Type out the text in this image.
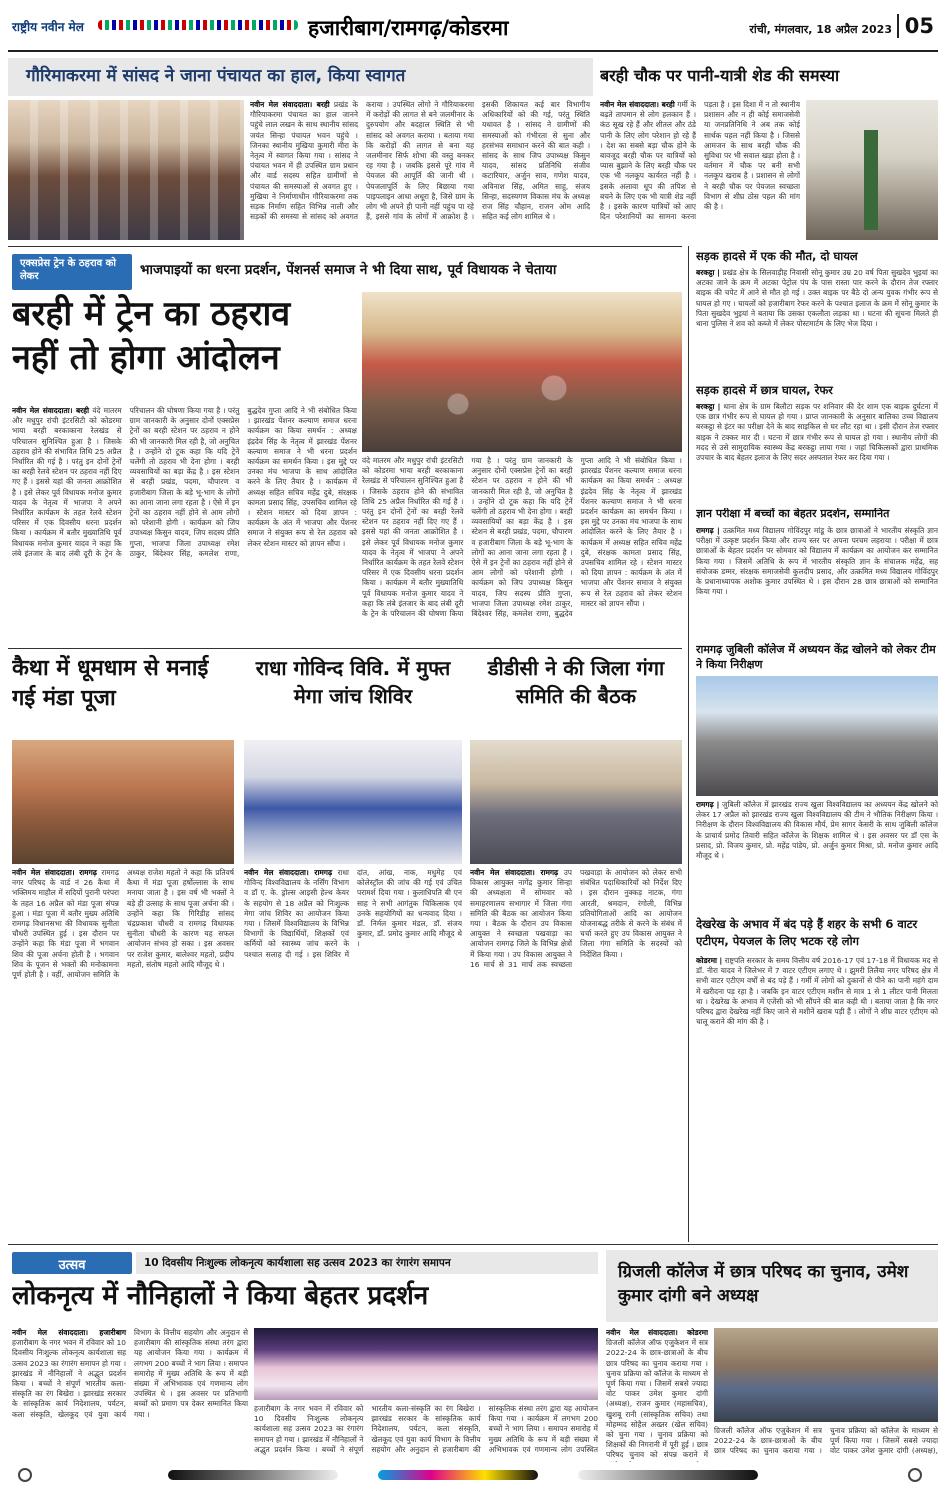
राष्ट्रीय नवीन मेल	हजारीबाग/रामगढ़/कोडरमा	रांची, मंगलवार, 18 अप्रैल 2023 05
गौरिमाकरमा में सांसद ने जाना पंचायत का हाल, किया स्वागत
नवीन मेल संवाददाता। बरही प्रखंड के गौरियाकरमा पंचायत का हाल जानने पहुंचे लाल लखन के साथ स्थानीय सांसद जयंत सिन्हा पंचायत भवन पहुंचे । जिनका स्थानीय मुखिया कुमारी मीरा के नेतृत्व में स्वागत किया गया । सांसद ने पंचायत भवन में ही उपस्थित ग्राम प्रधान और वार्ड सदस्य सहित ग्रामीणों से पंचायत की समस्याओं से अवगत हुए । मुखिया ने निर्माणाधीन गौरियाकरमा तक सड़क निर्माण सहित विभिन्न नाली और सड़कों की समस्या से सांसद को अवगत कराया । उपस्थित लोगो ने गौरियाकरमा में करोड़ों की लागत से बने जलमीनार के दुरुपयोग और बदहाल स्थिति से भी सांसद को अवगत कराया । बताया गया कि करोड़ों की लागत से बना यह जलमीनार सिर्फ शोभा की वस्तु बनकर रह गया है । जबकि इससे पूरे गांव में पेयजल की आपूर्ति की जानी थी । पेयजलापूर्ति के लिए बिछाया गया पाइपलाइन आधा अधूरा है, जिसे ग्राम के लोग भी अपने ही पानी नहीं पहुंच पा रहे हैं, इससे गांव के लोगों में आक्रोश है । इसकी शिकायत कई बार विभागीय अधिकारियों को की गई, परंतु स्थिति यथावत है । सांसद ने ग्रामीणों की समस्याओं को गंभीरता से सुना और हरसंभव समाधान करने की बात कही । सांसद के साथ जिप उपाध्यक्ष किसुन यादव, सांसद प्रतिनिधि संजीव कटारियार, अर्जुन साव, गणेश यादव, अविनाश सिंह, अमित साहु, संजय सिन्हा, सदस्यगण विकास मंच के अध्यक्ष राज सिंह चौहान, राजन ओम आदि सहित कई लोग शामिल थे ।
बरही चौक पर पानी-यात्री शेड की समस्या
नवीन मेल संवाददाता। बरही गर्मी के बढ़ते तापमान से लोग हलकान हैं । कंठ सूख रहे हैं और शीतल और ठंडे पानी के लिए लोग परेशान हो रहे हैं । देश का सबसे बड़ा चौक होने के बावजूद बरही चौक पर यात्रियों को प्यास बुझाने के लिए बरही चौक पर एक भी नलकूप कार्यरत नहीं है । इसके अलावा धूप की तपिश से बचने के लिए एक भी यात्री शेड नहीं है । इसके कारण यात्रियों को आए दिन परेशानियों का सामना करना पड़ता है । इस दिशा में न तो स्थानीय प्रशासन और न ही कोई समाजसेवी या जनप्रतिनिधि ने अब तक कोई सार्थक पहल नहीं किया है । जिससे आमजन के साथ बरही चौक की सुविधा पर भी सवाल खड़ा होता है । वर्तमान में चौक पर बनी सभी नलकूप खराब है । प्रशासन से लोगों ने बरही चौक पर पेयजल स्वच्छता विभाग से शीघ्र ठोस पहल की मांग की है ।
एक्सप्रेस ट्रेन के ठहराव को लेकर	भाजपाइयों का धरना प्रदर्शन, पेंशनर्स समाज ने भी दिया साथ, पूर्व विधायक ने चेताया
बरही में ट्रेन का ठहराव
नहीं तो होगा आंदोलन
नवीन मेल संवाददाता। बरही वंदे मातरम और मधुपुर रांची इंटरसिटी को कोडरमा भाया बरही बरकाकाना रेलखंड से परिचालन सुनिश्चित हुआ है । जिसके ठहराव होने की संभावित तिथि 25 अप्रैल निर्धारित की गई है । परंतु इन दोनों ट्रेनों का बरही रेलवे स्टेशन पर ठहराव नहीं दिए गए हैं । इससे यहां की जनता आक्रोशित है । इसे लेकर पूर्व विधायक मनोज कुमार यादव के नेतृत्व में भाजपा ने अपने निर्धारित कार्यक्रम के तहत रेलवे स्टेशन परिसर में एक दिवसीय धरना प्रदर्शन किया । कार्यक्रम में बतौर मुख्यातिथि पूर्व विधायक मनोज कुमार यादव ने कहा कि लंबे इंतजार के बाद लंबी दूरी के ट्रेन के परिचालन की घोषणा किया गया है । परंतु ग्राम जानकारी के अनुसार दोनों एक्सप्रेस ट्रेनों का बरही स्टेशन पर ठहराव न होने की भी जानकारी मिल रही है, जो अनुचित है । उन्होंने दो टूक कहा कि यदि ट्रेनें चलेंगी तो ठहराव भी देना होगा । बरही व्यवसायियों का बड़ा केंद्र है । इस स्टेशन से बरही प्रखंड, पदमा, चौपारण व हजारीबाग जिला के बड़े भू-भाग के लोगों का आना जाना लगा रहता है । ऐसे में इन ट्रेनों का ठहराव नहीं होने से आम लोगों को परेशानी होगी । कार्यक्रम को जिप उपाध्यक्ष किसुन यादव, जिप सदस्य प्रीति गुप्ता, भाजपा जिला उपाध्यक्ष रमेश ठाकुर, बिंदेश्वर सिंह, कमलेश राणा, बुद्धदेव गुप्ता आदि ने भी संबोधित किया । झारखंड पेंशनर कल्याण समाज धरना कार्यक्रम का किया समर्थन : अध्यक्ष इंद्रदेव सिंह के नेतृत्व में झारखंड पेंशनर कल्याण समाज ने भी धरना प्रदर्शन कार्यक्रम का समर्थन किया । इस मुद्दे पर उनका मंच भाजपा के साथ आंदोलित करने के लिए तैयार है । कार्यक्रम में अध्यक्ष सहित सचिव महेंद्र दुबे, संरक्षक कामता प्रसाद सिंह, उपसचिव शामिल रहे । स्टेशन मास्टर को दिया ज्ञापन : कार्यक्रम के अंत में भाजपा और पेंशनर समाज ने संयुक्त रूप से रेल ठहराव को लेकर स्टेशन मास्टर को ज्ञापन सौंपा ।
वंदे मातरम और मधुपुर रांची इंटरसिटी को कोडरमा भाया बरही बरकाकाना रेलखंड से परिचालन सुनिश्चित हुआ है । जिसके ठहराव होने की संभावित तिथि 25 अप्रैल निर्धारित की गई है । परंतु इन दोनों ट्रेनों का बरही रेलवे स्टेशन पर ठहराव नहीं दिए गए हैं । इससे यहां की जनता आक्रोशित है । इसे लेकर पूर्व विधायक मनोज कुमार यादव के नेतृत्व में भाजपा ने अपने निर्धारित कार्यक्रम के तहत रेलवे स्टेशन परिसर में एक दिवसीय धरना प्रदर्शन किया । कार्यक्रम में बतौर मुख्यातिथि पूर्व विधायक मनोज कुमार यादव ने कहा कि लंबे इंतजार के बाद लंबी दूरी के ट्रेन के परिचालन की घोषणा किया गया है । परंतु ग्राम जानकारी के अनुसार दोनों एक्सप्रेस ट्रेनों का बरही स्टेशन पर ठहराव न होने की भी जानकारी मिल रही है, जो अनुचित है । उन्होंने दो टूक कहा कि यदि ट्रेनें चलेंगी तो ठहराव भी देना होगा । बरही व्यवसायियों का बड़ा केंद्र है । इस स्टेशन से बरही प्रखंड, पदमा, चौपारण व हजारीबाग जिला के बड़े भू-भाग के लोगों का आना जाना लगा रहता है । ऐसे में इन ट्रेनों का ठहराव नहीं होने से आम लोगों को परेशानी होगी । कार्यक्रम को जिप उपाध्यक्ष किसुन यादव, जिप सदस्य प्रीति गुप्ता, भाजपा जिला उपाध्यक्ष रमेश ठाकुर, बिंदेश्वर सिंह, कमलेश राणा, बुद्धदेव गुप्ता आदि ने भी संबोधित किया । झारखंड पेंशनर कल्याण समाज धरना कार्यक्रम का किया समर्थन : अध्यक्ष इंद्रदेव सिंह के नेतृत्व में झारखंड पेंशनर कल्याण समाज ने भी धरना प्रदर्शन कार्यक्रम का समर्थन किया । इस मुद्दे पर उनका मंच भाजपा के साथ आंदोलित करने के लिए तैयार है । कार्यक्रम में अध्यक्ष सहित सचिव महेंद्र दुबे, संरक्षक कामता प्रसाद सिंह, उपसचिव शामिल रहे । स्टेशन मास्टर को दिया ज्ञापन : कार्यक्रम के अंत में भाजपा और पेंशनर समाज ने संयुक्त रूप से रेल ठहराव को लेकर स्टेशन मास्टर को ज्ञापन सौंपा ।
कैथा में धूमधाम से मनाई गई मंडा पूजा
नवीन मेल संवाददाता। रामगढ़ रामगढ़ नगर परिषद के वार्ड नं 26 कैथा में भक्तिमय माहौल में सदियों पुरानी परंपरा के तहत 16 अप्रैल को मंडा पूजा संपन्न हुआ । मंडा पूजा में बतौर मुख्य अतिथि रामगढ़ विधानसभा की विधायक सुनीता चौधरी उपस्थित हुई । इस दौरान पर उन्होंने कहा कि मंडा पूजा में भगवान शिव की पूजा अर्चना होती है । भगवान शिव के पूजन से भक्तों की मनोकामना पूर्ण होती है । वहीं, आयोजन समिति के अध्यक्ष राजेश महतो ने कहा कि प्रतिवर्ष कैथा में मंडा पूजा हर्षोल्लास के साथ मनाया जाता है । इस वर्ष भी भक्तों ने बड़े ही उत्साह के साथ पूजा अर्चना की । उन्होंने कहा कि गिरिडीह सांसद चंद्रप्रकाश चौधरी व रामगढ़ विधायक सुनीता चौधरी के कारण यह सफल आयोजन संभव हो सका । इस अवसर पर राजेश कुमार, बालेश्वर महतो, प्रदीप महतो, संतोष महतो आदि मौजूद थे ।
राधा गोविन्द विवि. में मुफ्त मेगा जांच शिविर
नवीन मेल संवाददाता। रामगढ़ राधा गोविन्द विश्वविद्यालय के नर्सिंग विभाग व डॉ ए. के. ड्रोल्स आइसी हेल्थ केयर के सहयोग से 18 अप्रैल को निःशुल्क मेगा जांच शिविर का आयोजन किया गया । जिसमें विश्वविद्यालय के विभिन्न विभागों के विद्यार्थियों, शिक्षकों एवं कर्मियों को स्वास्थ्य जांच करने के पश्चात सलाह दी गई । इस शिविर में दांत, आंख, नाक, मधुमेह एवं कोलेस्ट्रॉल की जांच की गई एवं उचित परामर्श दिया गया । कुलाधिपति बी एन साह ने सभी आगंतुक चिकित्सक एवं उनके सहयोगियों का धन्यवाद दिया । डॉ. निर्मल कुमार मंडल, डॉ. संजय कुमार, डॉ. प्रमोद कुमार आदि मौजूद थे ।
डीडीसी ने की जिला गंगा समिति की बैठक
नवीन मेल संवाददाता। रामगढ़ उप विकास आयुक्त नागेंद्र कुमार सिन्हा की अध्यक्षता में सोमवार को समाहरणालय सभागार में जिला गंगा समिति की बैठक का आयोजन किया गया । बैठक के दौरान उप विकास आयुक्त ने स्वच्छता पखवाड़ा का आयोजन रामगढ़ जिले के विभिन्न क्षेत्रों में किया गया । उप विकास आयुक्त ने 16 मार्च से 31 मार्च तक स्वच्छता पखवाड़ा के आयोजन को लेकर सभी संबंधित पदाधिकारियों को निर्देश दिए । इस दौरान नुक्कड़ नाटक, गंगा आरती, श्रमदान, रंगोली, विभिन्न प्रतियोगिताओं आदि का आयोजन योजनाबद्ध तरीके से करने के संबंध में चर्चा करते हुए उप विकास आयुक्त ने जिला गंगा समिति के सदस्यों को निर्देशित किया ।
सड़क हादसे में एक की मौत, दो घायल
बरकट्ठा | प्रखंड क्षेत्र के सिलवाड़ीह निवासी सोनू कुमार उम्र 20 वर्ष पिता सुखदेव भुइयां का अटका जाने के क्रम में अटका पेट्रोल पंप के पास रास्ता पार करने के दौरान तेज रफ्तार बाइक की चपेट में आने से मौत हो गई । उक्त बाइक पर बैठे दो अन्य युवक गंभीर रूप से घायल हो गए । घायलों को हजारीबाग रेफर करने के पश्चात इलाज के क्रम में सोनू कुमार के पिता सुखदेव भुइयां ने बताया कि उसका एकलौता लड़का था । घटना की सूचना मिलते ही थाना पुलिस ने शव को कब्जे में लेकर पोस्टमार्टम के लिए भेज दिया ।
सड़क हादसे में छात्र घायल, रेफर
बरकट्ठा | थाना क्षेत्र के ग्राम बिलौटा सड़क पर शनिवार की देर शाम एक बाइक दुर्घटना में एक छात्र गंभीर रूप से घायल हो गया । प्राप्त जानकारी के अनुसार बालिका उच्च विद्यालय बरकट्ठा से इंटर का परीक्षा देने के बाद साइकिल से घर लौट रहा था । इसी दौरान तेज रफ्तार बाइक ने टक्कर मार दी । घटना में छात्र गंभीर रूप से घायल हो गया । स्थानीय लोगों की मदद से उसे सामुदायिक स्वास्थ्य केंद्र बरकट्ठा लाया गया । जहां चिकित्सकों द्वारा प्राथमिक उपचार के बाद बेहतर इलाज के लिए सदर अस्पताल रेफर कर दिया गया ।
ज्ञान परीक्षा में बच्चों का बेहतर प्रदर्शन, सम्मानित
रामगढ़ | उत्क्रमित मध्य विद्यालय गोविंदपुर मांडू के छात्र छात्राओं ने भारतीय संस्कृति ज्ञान परीक्षा में उत्कृष्ट प्रदर्शन किया और राज्य स्तर पर अपना परचम लहराया । परीक्षा में छात्र छात्राओं के बेहतर प्रदर्शन पर सोमवार को विद्यालय में कार्यक्रम का आयोजन कर सम्मानित किया गया । जिसमें अतिथि के रूप में भारतीय संस्कृति ज्ञान के संचालक महेंद्र, सह संयोजक डम्मर, संरक्षक समाजसेवी कुलदीप प्रसाद, और उत्क्रमित मध्य विद्यालय गोविंदपुर के प्रधानाध्यापक अशोक कुमार उपस्थित थे । इस दौरान 28 छात्र छात्राओं को सम्मानित किया गया ।
रामगढ़ जुबिली कॉलेज में अध्ययन केंद्र खोलने को लेकर टीम ने किया निरीक्षण
रामगढ़ | जुबिली कॉलेज में झारखंड राज्य खुला विश्वविद्यालय का अध्ययन केंद्र खोलने को लेकर 17 अप्रैल को झारखंड राज्य खुला विश्वविद्यालय की टीम ने भौतिक निरीक्षण किया । निरीक्षण के दौरान विश्वविद्यालय की विकास मौर्य, प्रेम सागर केसरी के साथ जुबिली कॉलेज के प्राचार्य प्रमोद तिवारी सहित कॉलेज के शिक्षक शामिल थे । इस अवसर पर डॉ एस के प्रसाद, प्रो. विजय कुमार, प्रो. महेंद्र पांडेय, प्रो. अर्जुन कुमार मिश्रा, प्रो. मनोज कुमार आदि मौजूद थे ।
देखरेख के अभाव में बंद पड़े हैं शहर के सभी 6 वाटर एटीएम, पेयजल के लिए भटक रहे लोग
कोडरमा | राष्ट्रपति सरकार के समय वित्तीय वर्ष 2016-17 एवं 17-18 में विधायक मद से डॉ. नीरा यादव ने जिलेभर में 7 वाटर एटीएम लगाए थे । झुमरी तिलैया नगर परिषद क्षेत्र में सभी वाटर एटीएम वर्षों से बंद पड़े हैं । गर्मी में लोगों को दुकानों से पीने का पानी महंगे दाम में खरीदना पड़ रहा है । जबकि इन वाटर एटीएम मशीन से मात्र 1 से 1 लीटर पानी मिलता था । देखरेख के अभाव में एजेंसी को भी सौंपने की बात कही थी । बताया जाता है कि नगर परिषद द्वारा देखरेख नहीं किए जाने से मशीनें खराब पड़ी हैं । लोगों ने शीघ्र वाटर एटीएम को चालू कराने की मांग की है ।
उत्सव	10 दिवसीय निःशुल्क लोकनृत्य कार्यशाला सह उत्सव 2023 का रंगारंग समापन
लोकनृत्य में नौनिहालों ने किया बेहतर प्रदर्शन
नवीन मेल संवाददाता। हजारीबाग हजारीबाग के नगर भवन में रविवार को 10 दिवसीय निःशुल्क लोकनृत्य कार्यशाला सह उत्सव 2023 का रंगारंग समापन हो गया । झारखंड में नौनिहालों ने अद्भुत प्रदर्शन किया । बच्चों ने संपूर्ण भारतीय कला-संस्कृति का रंग बिखेरा । झारखंड सरकार के सांस्कृतिक कार्य निदेशालय, पर्यटन, कला संस्कृति, खेलकूद एवं युवा कार्य विभाग के वित्तीय सहयोग और अनुदान से हजारीबाग की सांस्कृतिक संस्था तरंग द्वारा यह आयोजन किया गया । कार्यक्रम में लगभग 200 बच्चों ने भाग लिया । समापन समारोह में मुख्य अतिथि के रूप में बड़ी संख्या में अभिभावक एवं गणमान्य लोग उपस्थित थे । इस अवसर पर प्रतिभागी बच्चों को प्रमाण पत्र देकर सम्मानित किया गया ।
हजारीबाग के नगर भवन में रविवार को 10 दिवसीय निःशुल्क लोकनृत्य कार्यशाला सह उत्सव 2023 का रंगारंग समापन हो गया । झारखंड में नौनिहालों ने अद्भुत प्रदर्शन किया । बच्चों ने संपूर्ण भारतीय कला-संस्कृति का रंग बिखेरा । झारखंड सरकार के सांस्कृतिक कार्य निदेशालय, पर्यटन, कला संस्कृति, खेलकूद एवं युवा कार्य विभाग के वित्तीय सहयोग और अनुदान से हजारीबाग की सांस्कृतिक संस्था तरंग द्वारा यह आयोजन किया गया । कार्यक्रम में लगभग 200 बच्चों ने भाग लिया । समापन समारोह में मुख्य अतिथि के रूप में बड़ी संख्या में अभिभावक एवं गणमान्य लोग उपस्थित
ग्रिजली कॉलेज में छात्र परिषद का चुनाव, उमेश कुमार दांगी बने अध्यक्ष
नवीन मेल संवाददाता। कोडरमा ग्रिजली कॉलेज ऑफ एजुकेशन में सत्र 2022-24 के छात्र-छात्राओं के बीच छात्र परिषद का चुनाव कराया गया । चुनाव प्रक्रिया को कॉलेज के माध्यम से पूर्ण किया गया । जिसमें सबसे ज्यादा वोट पाकर उमेश कुमार दांगी (अध्यक्ष), राजन कुमार (महासचिव), खुशबू रानी (सांस्कृतिक सचिव) तथा मोहम्मद सोहैल अख्तर (खेल सचिव) को चुना गया । चुनाव प्रक्रिया को शिक्षकों की निगरानी में पूरी हुई । छात्र परिषद चुनाव को संपन्न कराने में
ग्रिजली कॉलेज ऑफ एजुकेशन में सत्र 2022-24 के छात्र-छात्राओं के बीच छात्र परिषद का चुनाव कराया गया । चुनाव प्रक्रिया को कॉलेज के माध्यम से पूर्ण किया गया । जिसमें सबसे ज्यादा वोट पाकर उमेश कुमार दांगी (अध्यक्ष),
